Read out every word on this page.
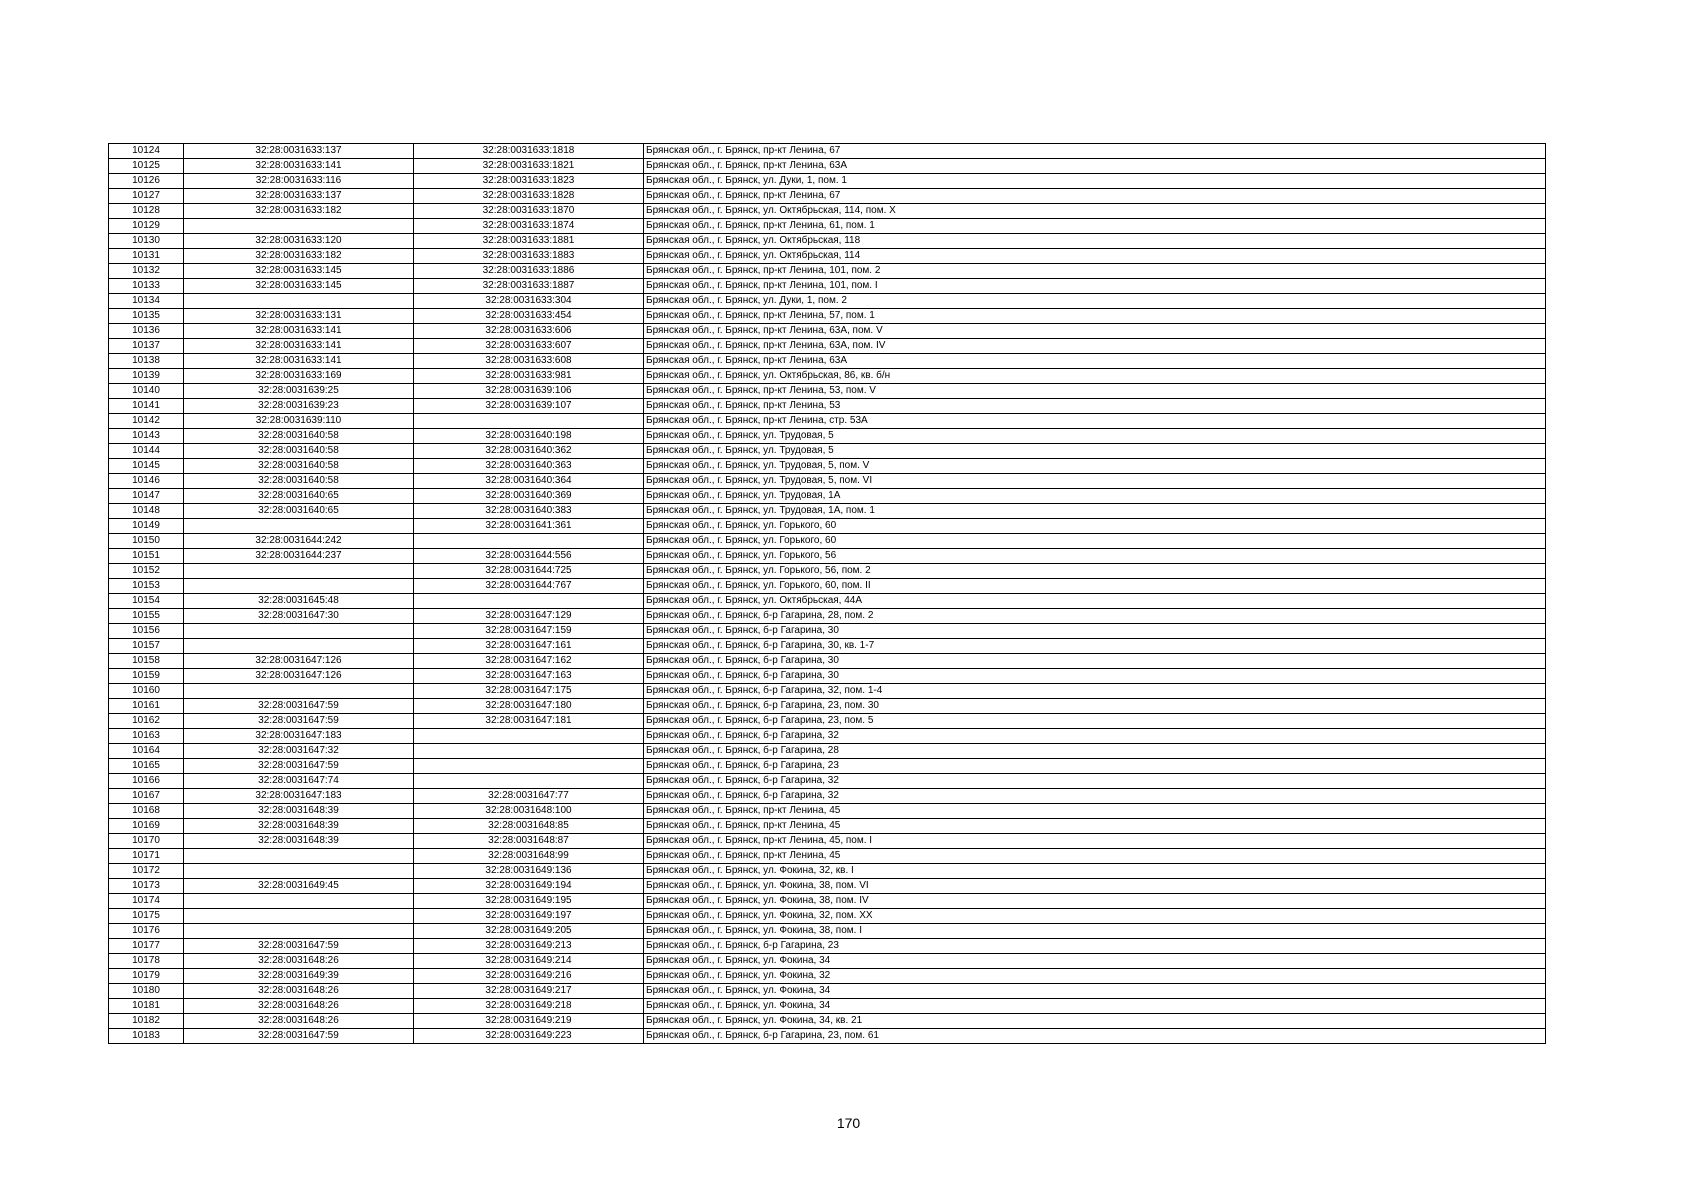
10124	32:28:0031633:137	32:28:0031633:1818	Брянская обл., г. Брянск, пр-кт Ленина, 67
10125	32:28:0031633:141	32:28:0031633:1821	Брянская обл., г. Брянск, пр-кт Ленина, 63А
10126	32:28:0031633:116	32:28:0031633:1823	Брянская обл., г. Брянск, ул. Дуки, 1, пом. 1
10127	32:28:0031633:137	32:28:0031633:1828	Брянская обл., г. Брянск, пр-кт Ленина, 67
10128	32:28:0031633:182	32:28:0031633:1870	Брянская обл., г. Брянск, ул. Октябрьская, 114, пом. X
10129		32:28:0031633:1874	Брянская обл., г. Брянск, пр-кт Ленина, 61, пом. 1
10130	32:28:0031633:120	32:28:0031633:1881	Брянская обл., г. Брянск, ул. Октябрьская, 118
10131	32:28:0031633:182	32:28:0031633:1883	Брянская обл., г. Брянск, ул. Октябрьская, 114
10132	32:28:0031633:145	32:28:0031633:1886	Брянская обл., г. Брянск, пр-кт Ленина, 101, пом. 2
10133	32:28:0031633:145	32:28:0031633:1887	Брянская обл., г. Брянск, пр-кт Ленина, 101, пом. I
10134		32:28:0031633:304	Брянская обл., г. Брянск, ул. Дуки, 1, пом. 2
10135	32:28:0031633:131	32:28:0031633:454	Брянская обл., г. Брянск, пр-кт Ленина, 57, пом. 1
10136	32:28:0031633:141	32:28:0031633:606	Брянская обл., г. Брянск, пр-кт Ленина, 63А, пом. V
10137	32:28:0031633:141	32:28:0031633:607	Брянская обл., г. Брянск, пр-кт Ленина, 63А, пом. IV
10138	32:28:0031633:141	32:28:0031633:608	Брянская обл., г. Брянск, пр-кт Ленина, 63А
10139	32:28:0031633:169	32:28:0031633:981	Брянская обл., г. Брянск, ул. Октябрьская, 86, кв. б/н
10140	32:28:0031639:25	32:28:0031639:106	Брянская обл., г. Брянск, пр-кт Ленина, 53, пом. V
10141	32:28:0031639:23	32:28:0031639:107	Брянская обл., г. Брянск, пр-кт Ленина, 53
10142	32:28:0031639:110		Брянская обл., г. Брянск, пр-кт Ленина, стр. 53А
10143	32:28:0031640:58	32:28:0031640:198	Брянская обл., г. Брянск, ул. Трудовая, 5
10144	32:28:0031640:58	32:28:0031640:362	Брянская обл., г. Брянск, ул. Трудовая, 5
10145	32:28:0031640:58	32:28:0031640:363	Брянская обл., г. Брянск, ул. Трудовая, 5, пом. V
10146	32:28:0031640:58	32:28:0031640:364	Брянская обл., г. Брянск, ул. Трудовая, 5, пом. VI
10147	32:28:0031640:65	32:28:0031640:369	Брянская обл., г. Брянск, ул. Трудовая, 1А
10148	32:28:0031640:65	32:28:0031640:383	Брянская обл., г. Брянск, ул. Трудовая, 1А, пом. 1
10149		32:28:0031641:361	Брянская обл., г. Брянск, ул. Горького, 60
10150	32:28:0031644:242		Брянская обл., г. Брянск, ул. Горького, 60
10151	32:28:0031644:237	32:28:0031644:556	Брянская обл., г. Брянск, ул. Горького, 56
10152		32:28:0031644:725	Брянская обл., г. Брянск, ул. Горького, 56, пом. 2
10153		32:28:0031644:767	Брянская обл., г. Брянск, ул. Горького, 60, пом. II
10154	32:28:0031645:48		Брянская обл., г. Брянск, ул. Октябрьская, 44А
10155	32:28:0031647:30	32:28:0031647:129	Брянская обл., г. Брянск, б-р Гагарина, 28, пом. 2
10156		32:28:0031647:159	Брянская обл., г. Брянск, б-р Гагарина, 30
10157		32:28:0031647:161	Брянская обл., г. Брянск, б-р Гагарина, 30, кв. 1-7
10158	32:28:0031647:126	32:28:0031647:162	Брянская обл., г. Брянск, б-р Гагарина, 30
10159	32:28:0031647:126	32:28:0031647:163	Брянская обл., г. Брянск, б-р Гагарина, 30
10160		32:28:0031647:175	Брянская обл., г. Брянск, б-р Гагарина, 32, пом. 1-4
10161	32:28:0031647:59	32:28:0031647:180	Брянская обл., г. Брянск, б-р Гагарина, 23, пом. 30
10162	32:28:0031647:59	32:28:0031647:181	Брянская обл., г. Брянск, б-р Гагарина, 23, пом. 5
10163	32:28:0031647:183		Брянская обл., г. Брянск, б-р Гагарина, 32
10164	32:28:0031647:32		Брянская обл., г. Брянск, б-р Гагарина, 28
10165	32:28:0031647:59		Брянская обл., г. Брянск, б-р Гагарина, 23
10166	32:28:0031647:74		Брянская обл., г. Брянск, б-р Гагарина, 32
10167	32:28:0031647:183	32:28:0031647:77	Брянская обл., г. Брянск, б-р Гагарина, 32
10168	32:28:0031648:39	32:28:0031648:100	Брянская обл., г. Брянск, пр-кт Ленина, 45
10169	32:28:0031648:39	32:28:0031648:85	Брянская обл., г. Брянск, пр-кт Ленина, 45
10170	32:28:0031648:39	32:28:0031648:87	Брянская обл., г. Брянск, пр-кт Ленина, 45, пом. I
10171		32:28:0031648:99	Брянская обл., г. Брянск, пр-кт Ленина, 45
10172		32:28:0031649:136	Брянская обл., г. Брянск, ул. Фокина, 32, кв. I
10173	32:28:0031649:45	32:28:0031649:194	Брянская обл., г. Брянск, ул. Фокина, 38, пом. VI
10174		32:28:0031649:195	Брянская обл., г. Брянск, ул. Фокина, 38, пом. IV
10175		32:28:0031649:197	Брянская обл., г. Брянск, ул. Фокина, 32, пом. XX
10176		32:28:0031649:205	Брянская обл., г. Брянск, ул. Фокина, 38, пом. I
10177	32:28:0031647:59	32:28:0031649:213	Брянская обл., г. Брянск, б-р Гагарина, 23
10178	32:28:0031648:26	32:28:0031649:214	Брянская обл., г. Брянск, ул. Фокина, 34
10179	32:28:0031649:39	32:28:0031649:216	Брянская обл., г. Брянск, ул. Фокина, 32
10180	32:28:0031648:26	32:28:0031649:217	Брянская обл., г. Брянск, ул. Фокина, 34
10181	32:28:0031648:26	32:28:0031649:218	Брянская обл., г. Брянск, ул. Фокина, 34
10182	32:28:0031648:26	32:28:0031649:219	Брянская обл., г. Брянск, ул. Фокина, 34, кв. 21
10183	32:28:0031647:59	32:28:0031649:223	Брянская обл., г. Брянск, б-р Гагарина, 23, пом. 61
170
